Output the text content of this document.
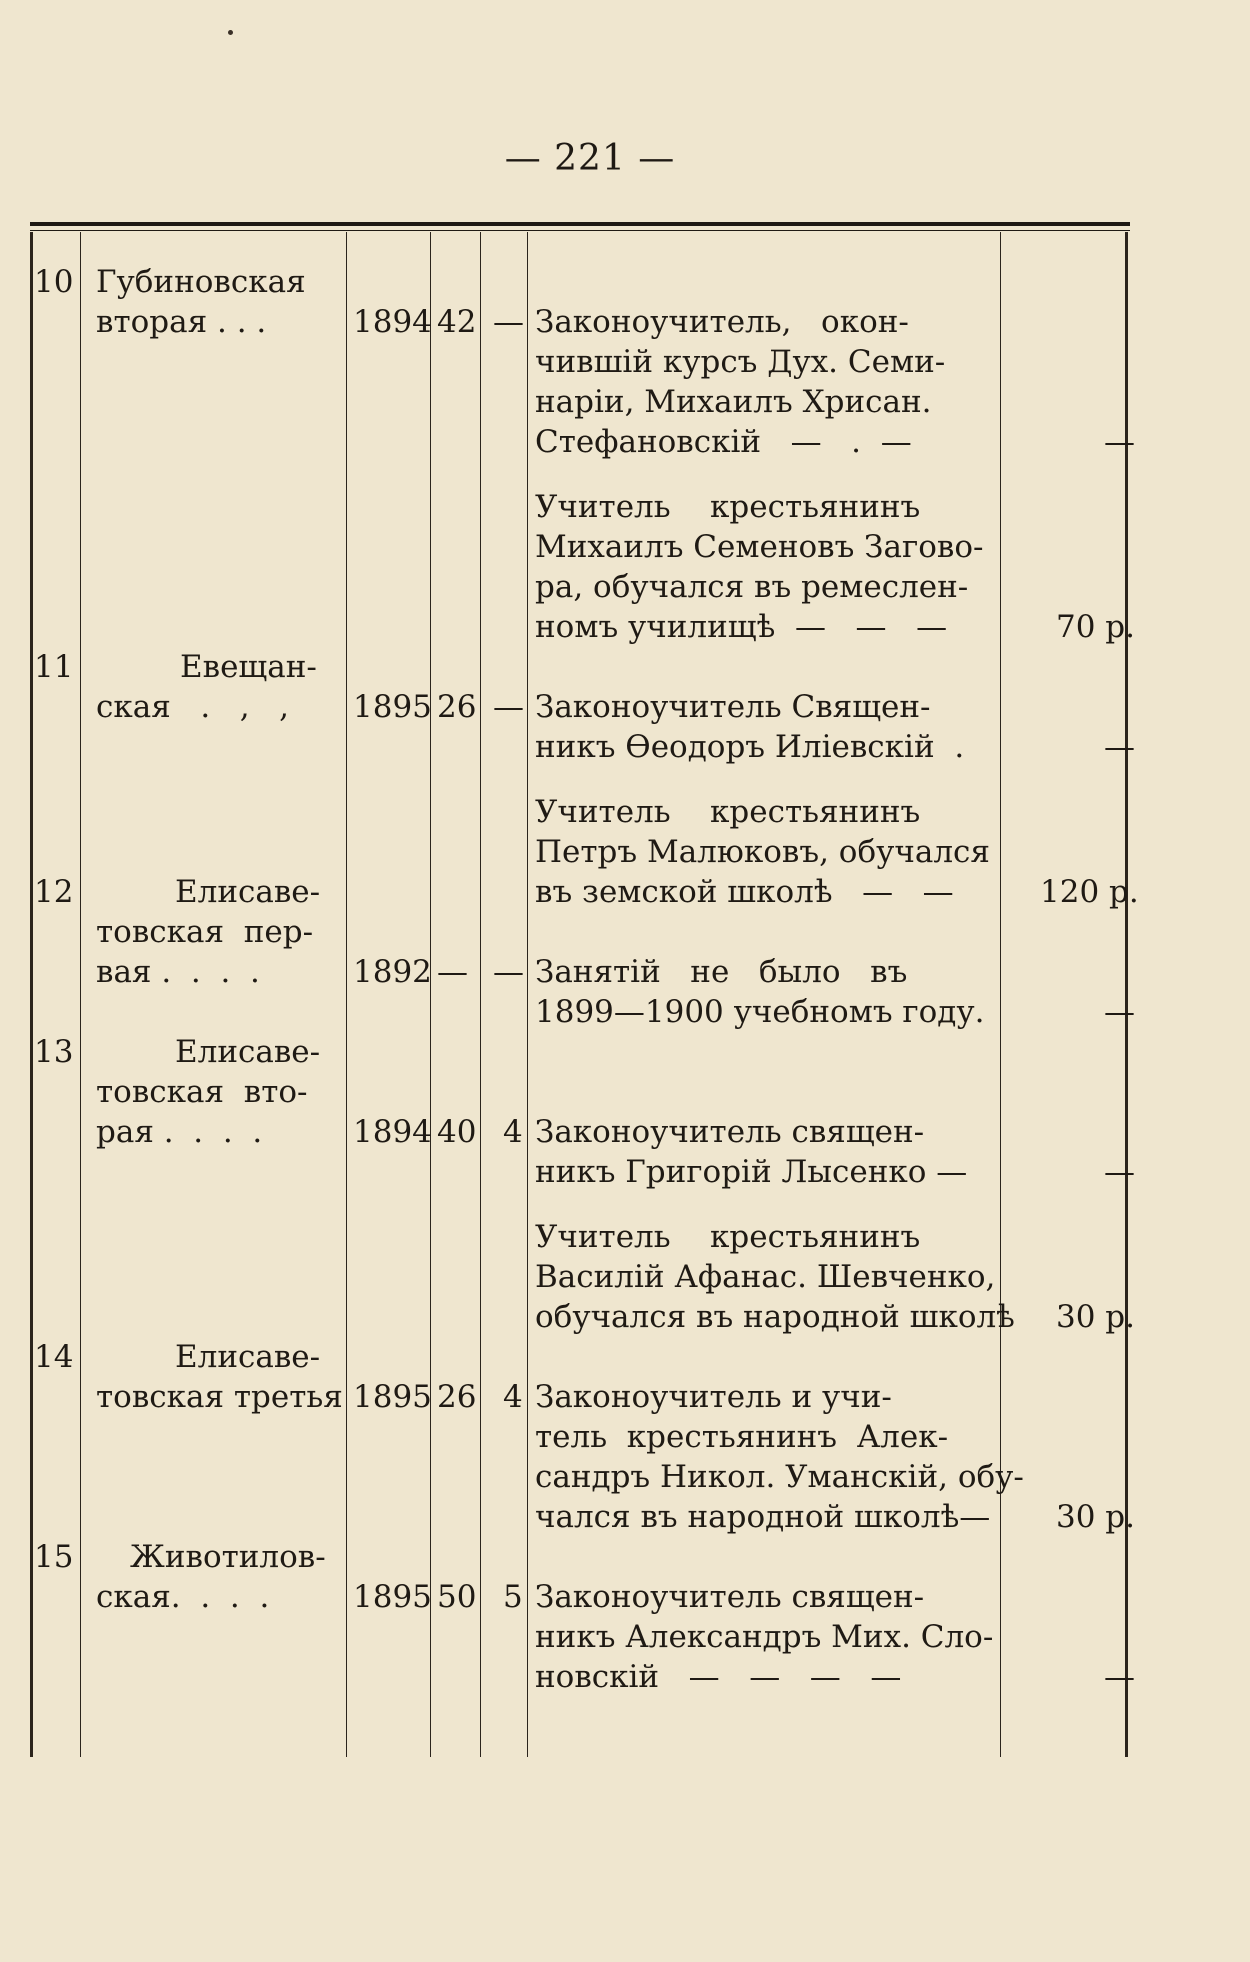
— 221 —
10 Губиновская
вторая . . .	1894 42 — Законоучитель,   окон-
чившій курсъ Дух. Семи-
наріи, Михаилъ Хрисан.
Стефановскій   —   .  —	—
Учитель    крестьянинъ
Михаилъ Семеновъ Загово-
ра, обучался въ ремеслен-
номъ училищѣ  —   —   —	70 р.
11	Евещан-
ская   .   ,   ,	1895 26 — Законоучитель Священ-
никъ Ѳеодоръ Иліевскій  .	—
Учитель    крестьянинъ
Петръ Малюковъ, обучался
въ земской школѣ   —   —	120 р.
12	Елисаве-
товская  пер-
вая .  .  .  .	1892 — — Занятій   не   было   въ
1899—1900 учебномъ году.	—
13	Елисаве-
товская  вто-
рая .  .  .  .	1894 40 4 Законоучитель священ-
никъ Григорій Лысенко —	—
Учитель    крестьянинъ
Василій Афанас. Шевченко,
обучался въ народной школѣ	30 р.
14	Елисаве-
товская третья 1895 26 4 Законоучитель и учи-
тель  крестьянинъ  Алек-
сандръ Никол. Уманскій, обу-
чался въ народной школѣ—	30 р.
15 Животилов-
ская.  .  .  .	1895 50 5 Законоучитель священ-
никъ Александръ Мих. Сло-
новскій   —   —   —   —	—
